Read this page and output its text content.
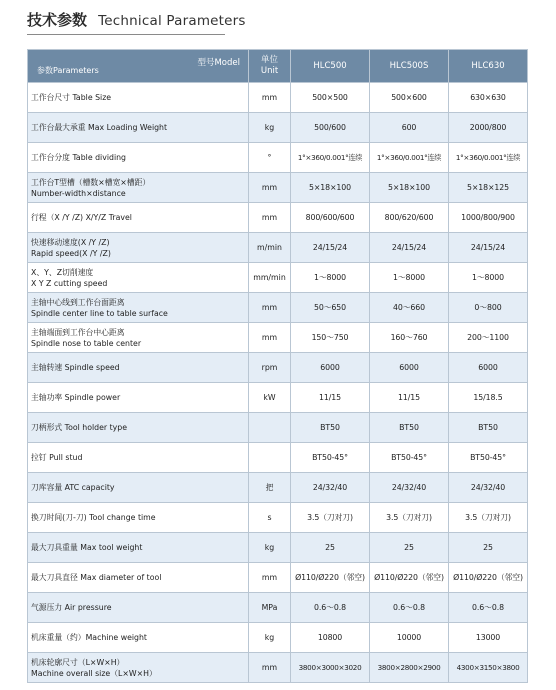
技术参数 Technical Parameters
型号Model
参数Parameters	单位
Unit	HLC500	HLC500S	HLC630

工作台尺寸 Table Size	mm	500×500	500×600	630×630

工作台最大承重 Max Loading Weight	kg	500/600	600	2000/800

工作台分度 Table dividing	°	1°×360/0.001°连续	1°×360/0.001°连续	1°×360/0.001°连续

工作台T型槽（槽数×槽宽×槽距）
Number-width×distance	mm	5×18×100	5×18×100	5×18×125

行程（X /Y /Z) X/Y/Z Travel	mm	800/600/600	800/620/600	1000/800/900

快速移动速度(X /Y /Z)
Rapid speed(X /Y /Z)	m/min	24/15/24	24/15/24	24/15/24

X、Y、Z切削速度
X Y Z cutting speed	mm/min	1～8000	1～8000	1～8000

主轴中心线到工作台面距离
Spindle center line to table surface	mm	50～650	40～660	0～800

主轴端面到工作台中心距离
Spindle nose to table center	mm	150～750	160～760	200～1100

主轴转速 Spindle speed	rpm	6000	6000	6000

主轴功率 Spindle power	kW	11/15	11/15	15/18.5

刀柄形式 Tool holder type		BT50	BT50	BT50

拉钉 Pull stud		BT50-45°	BT50-45°	BT50-45°

刀库容量 ATC capacity	把	24/32/40	24/32/40	24/32/40

换刀时间(刀-刀) Tool change time	s	3.5（刀对刀)	3.5（刀对刀)	3.5（刀对刀)

最大刀具重量 Max tool weight	kg	25	25	25

最大刀具直径 Max diameter of tool	mm	Ø110/Ø220（邻空)	Ø110/Ø220（邻空)	Ø110/Ø220（邻空)

气源压力 Air pressure	MPa	0.6～0.8	0.6～0.8	0.6～0.8

机床重量（约）Machine weight	kg	10800	10000	13000

机床轮廓尺寸（L×W×H）
Machine overall size（L×W×H）	mm	3800×3000×3020	3800×2800×2900	4300×3150×3800
